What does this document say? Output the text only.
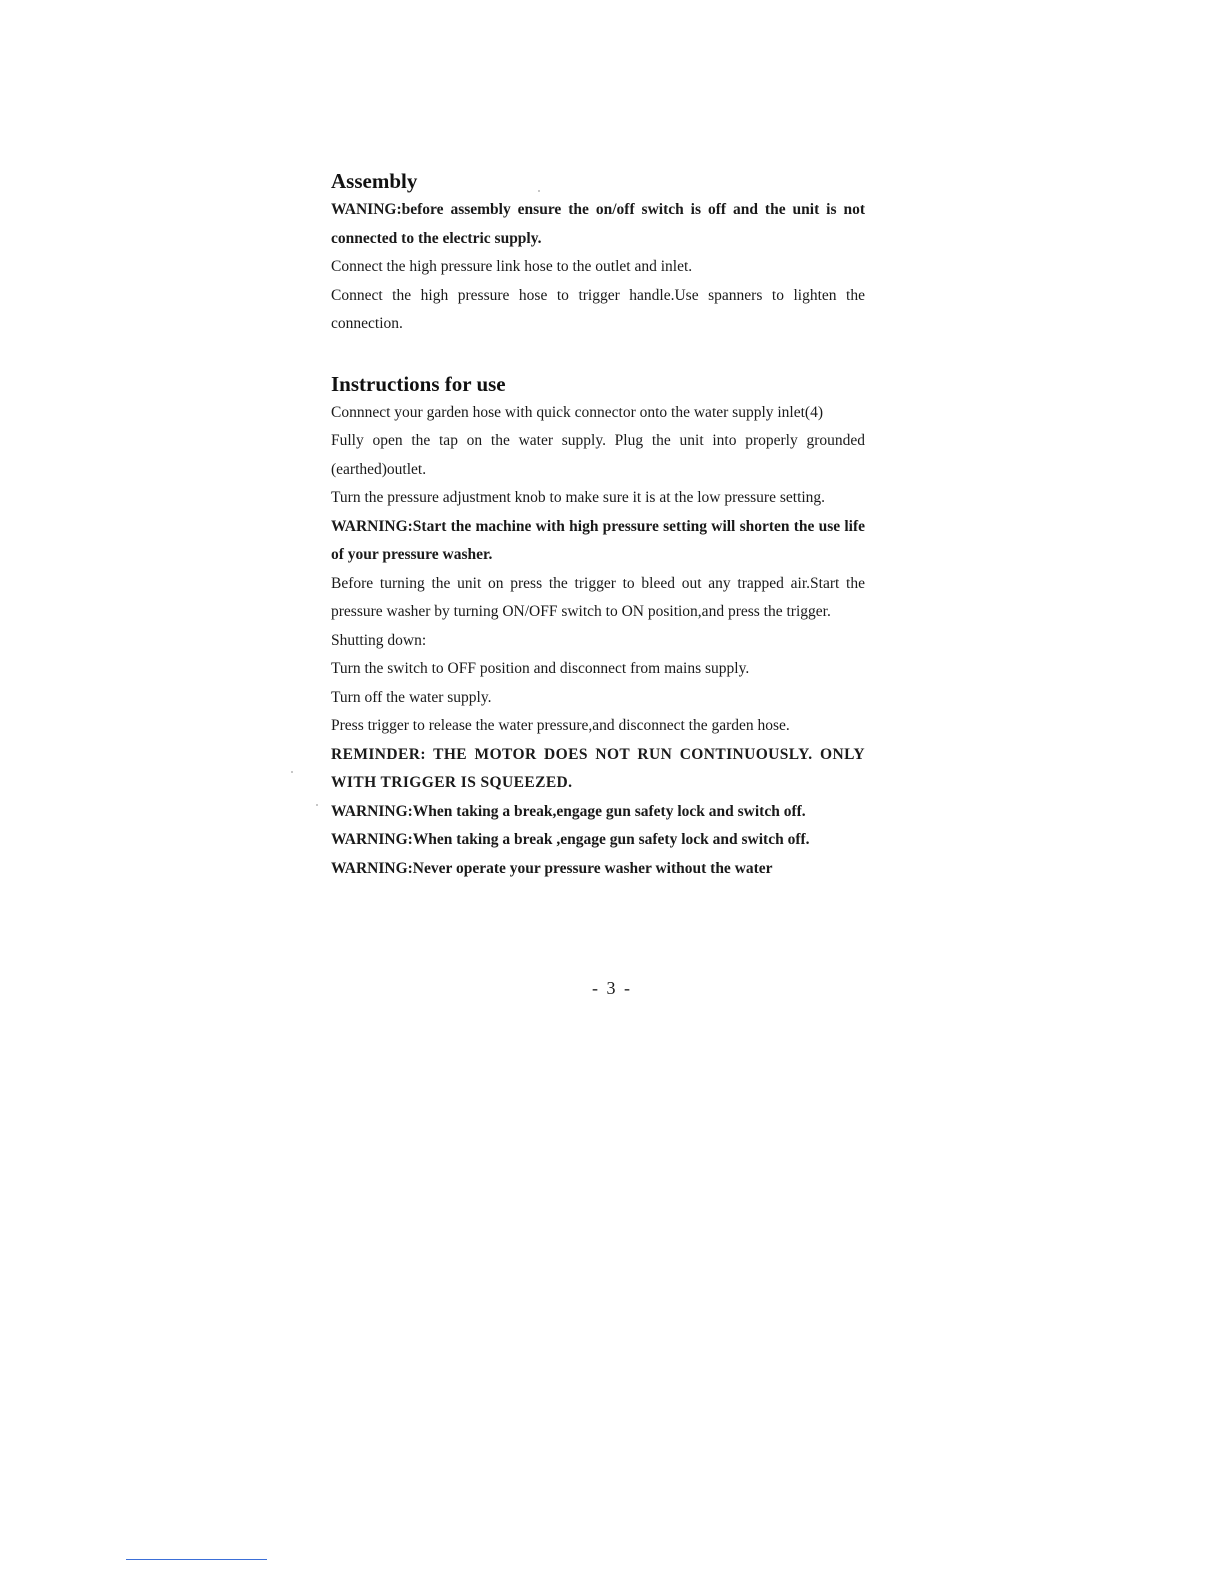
Assembly

WANING:before assembly ensure the on/off switch is off and the unit is not connected to the electric supply.

Connect the high pressure link hose to the outlet and inlet.

Connect the high pressure hose to trigger handle.Use spanners to lighten the connection.

Instructions for use

Connnect your garden hose with quick connector onto the water supply inlet(4)

Fully open the tap on the water supply. Plug the unit into properly grounded (earthed)outlet.

Turn the pressure adjustment knob to make sure it is at the low pressure setting.

WARNING:Start the machine with high pressure setting will shorten the use life of your pressure washer.

Before turning the unit on press the trigger to bleed out any trapped air.Start the pressure washer by turning ON/OFF switch to ON position,and press the trigger.

Shutting down:

Turn the switch to OFF position and disconnect from mains supply.

Turn off the water supply.

Press trigger to release the water pressure,and disconnect the garden hose.

REMINDER: THE MOTOR DOES NOT RUN CONTINUOUSLY. ONLY WITH TRIGGER IS SQUEEZED.

WARNING:When taking a break,engage gun safety lock and switch off.

WARNING:When taking a break ,engage gun safety lock and switch off.

WARNING:Never operate your pressure washer without the water

- 3 -
